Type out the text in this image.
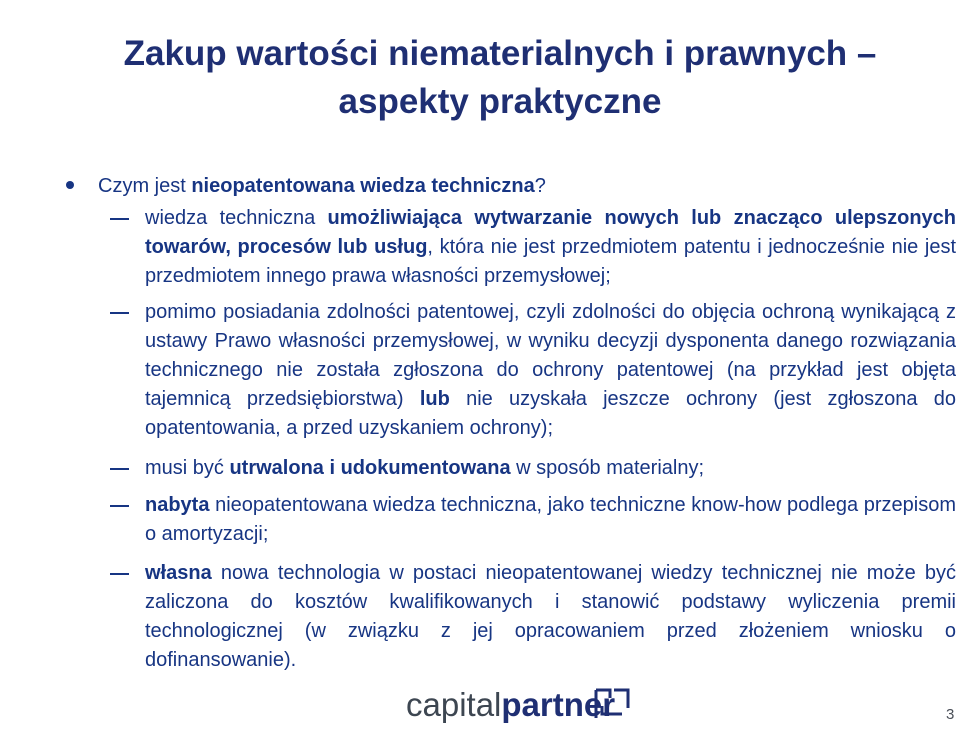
Zakup wartości niematerialnych i prawnych –
aspekty praktyczne
Czym jest nieopatentowana wiedza techniczna?
wiedza techniczna umożliwiająca wytwarzanie nowych lub znacząco ulepszonych towarów, procesów lub usług, która nie jest przedmiotem patentu i jednocześnie nie jest przedmiotem innego prawa własności przemysłowej;
pomimo posiadania zdolności patentowej, czyli zdolności do objęcia ochroną wynikającą z ustawy Prawo własności przemysłowej, w wyniku decyzji dysponenta danego rozwiązania technicznego nie została zgłoszona do ochrony patentowej (na przykład jest objęta tajemnicą przedsiębiorstwa) lub nie uzyskała jeszcze ochrony (jest zgłoszona do opatentowania, a przed uzyskaniem ochrony);
musi być utrwalona i udokumentowana w sposób materialny;
nabyta nieopatentowana wiedza techniczna, jako techniczne know-how podlega przepisom o amortyzacji;
własna nowa technologia w postaci nieopatentowanej wiedzy technicznej nie może być zaliczona do kosztów kwalifikowanych i stanowić podstawy wyliczenia premii technologicznej (w związku z jej opracowaniem przed złożeniem wniosku o dofinansowanie).
capitalpartner	3
